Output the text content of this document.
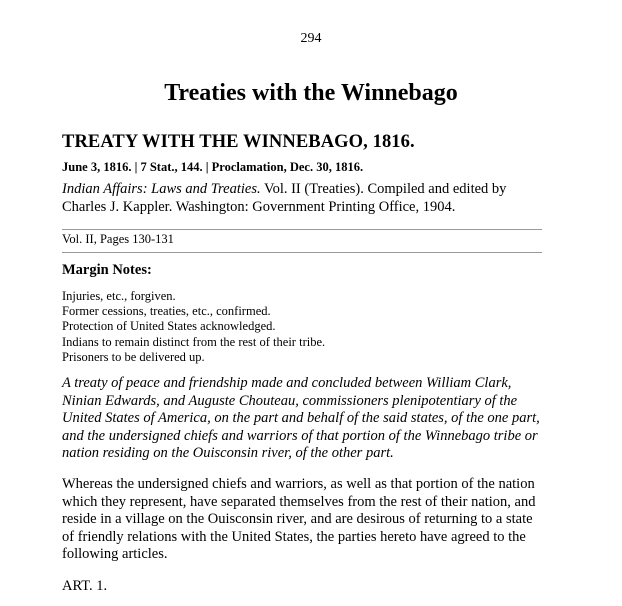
294
Treaties with the Winnebago
TREATY WITH THE WINNEBAGO, 1816.
June 3, 1816. | 7 Stat., 144. | Proclamation, Dec. 30, 1816.
Indian Affairs: Laws and Treaties. Vol. II (Treaties). Compiled and edited by Charles J. Kappler. Washington: Government Printing Office, 1904.
Vol. II, Pages 130-131
Margin Notes:
Injuries, etc., forgiven.
Former cessions, treaties, etc., confirmed.
Protection of United States acknowledged.
Indians to remain distinct from the rest of their tribe.
Prisoners to be delivered up.

A treaty of peace and friendship made and concluded between William Clark, Ninian Edwards, and Auguste Chouteau, commissioners plenipotentiary of the United States of America, on the part and behalf of the said states, of the one part, and the undersigned chiefs and warriors of that portion of the Winnebago tribe or nation residing on the Ouisconsin river, of the other part.

Whereas the undersigned chiefs and warriors, as well as that portion of the nation which they represent, have separated themselves from the rest of their nation, and reside in a village on the Ouisconsin river, and are desirous of returning to a state of friendly relations with the United States, the parties hereto have agreed to the following articles.

ART. 1.
